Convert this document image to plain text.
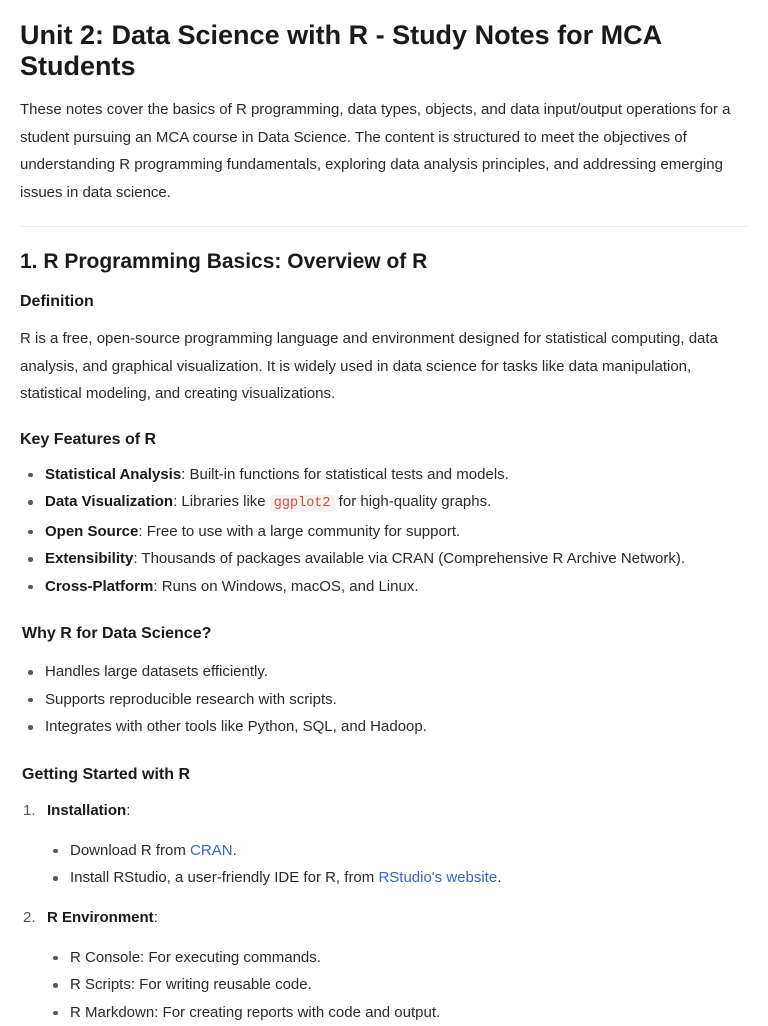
Unit 2: Data Science with R - Study Notes for MCA Students

These notes cover the basics of R programming, data types, objects, and data input/output operations for a student pursuing an MCA course in Data Science. The content is structured to meet the objectives of understanding R programming fundamentals, exploring data analysis principles, and addressing emerging issues in data science.

1. R Programming Basics: Overview of R
Definition

R is a free, open-source programming language and environment designed for statistical computing, data analysis, and graphical visualization. It is widely used in data science for tasks like data manipulation, statistical modeling, and creating visualizations.

Key Features of R
Statistical Analysis: Built-in functions for statistical tests and models.
Data Visualization: Libraries like ggplot2 for high-quality graphs.
Open Source: Free to use with a large community for support.
Extensibility: Thousands of packages available via CRAN (Comprehensive R Archive Network).
Cross-Platform: Runs on Windows, macOS, and Linux.
Why R for Data Science?
Handles large datasets efficiently.
Supports reproducible research with scripts.
Integrates with other tools like Python, SQL, and Hadoop.
Getting Started with R
1. Installation:
Download R from CRAN.
Install RStudio, a user-friendly IDE for R, from RStudio's website.
2. R Environment:
R Console: For executing commands.
R Scripts: For writing reusable code.
R Markdown: For creating reports with code and output.
